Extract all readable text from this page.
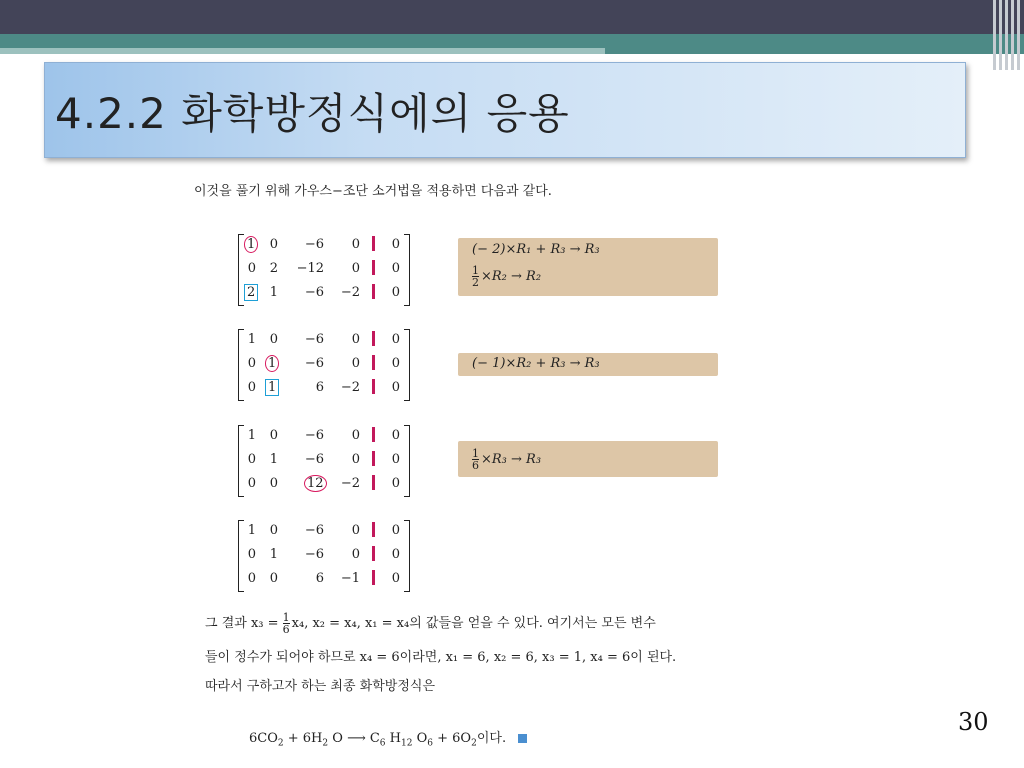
4.2.2 화학방정식에의 응용
이것을 풀기 위해 가우스−조단 소거법을 적용하면 다음과 같다.
1 0	−6	0	0
0 2 −12	0	0
2 1	−6 −2	0
1 0	−6	0	0
0 1	−6	0	0
0 1	6 −2	0
1 0	−6	0	0
0 1	−6	0	0
0 0 12 −2	0
1 0	−6	0	0
0 1	−6	0	0
0 0	6 −1	0
(− 2)×R₁ + R₃ → R₃
$\frac{1}{2} \times R_2 \to R_2$
(− 1)×R₂ + R₃ → R₃
$\frac{1}{6} \times R_3 \to R_3$
그 결과 $x_3 = \frac{1}{6} x_4$, x₂ = x₄, x₁ = x₄의 값들을 얻을 수 있다. 여기서는 모든 변수
들이 정수가 되어야 하므로 x₄ = 6이라면, x₁ = 6, x₂ = 6, x₃ = 1, x₄ = 6이 된다.
따라서 구하고자 하는 최종 화학방정식은
$6CO_2 + 6H_2$ O ⟶ $C_6$ $H_{12}$ $O_6 + 6O_2$이다.
30
